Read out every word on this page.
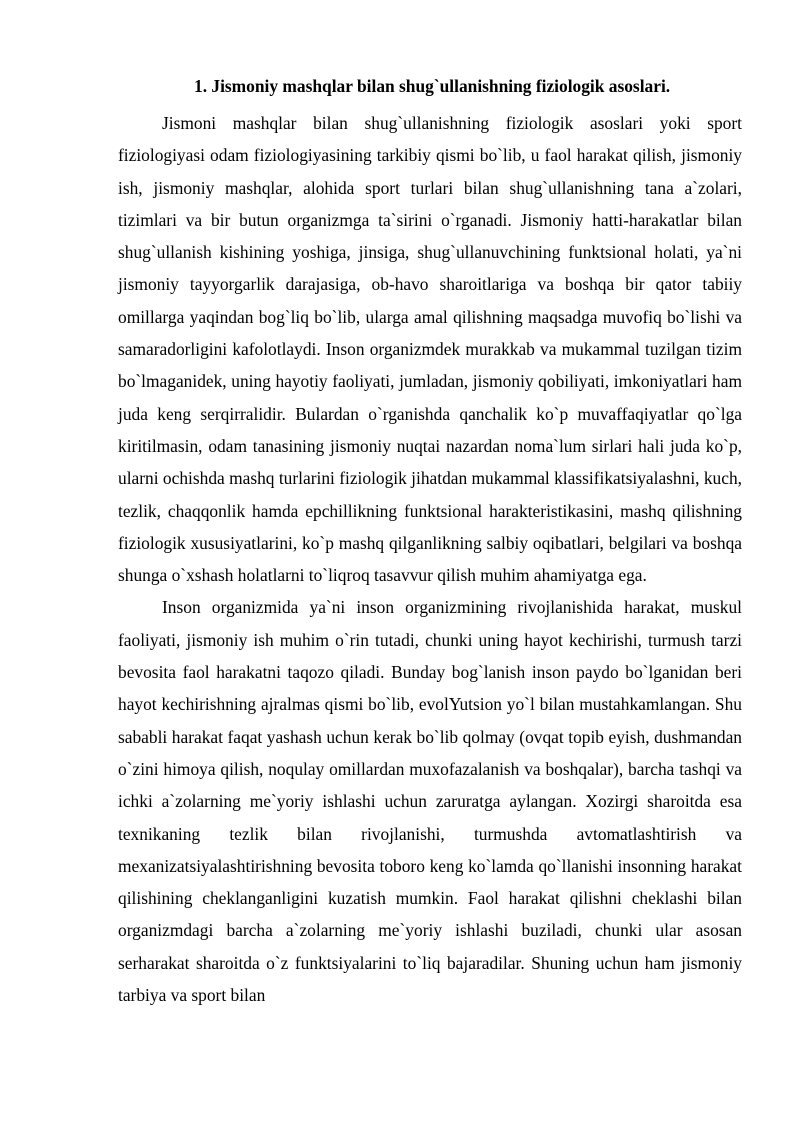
1. Jismoniy mashqlar bilan shug`ullanishning fiziologik asoslari.

Jismoni mashqlar bilan shug`ullanishning fiziologik asoslari yoki sport fiziologiyasi odam fiziologiyasining tarkibiy qismi bo`lib, u faol harakat qilish, jismoniy ish, jismoniy mashqlar, alohida sport turlari bilan shug`ullanishning tana a`zolari, tizimlari va bir butun organizmga ta`sirini o`rganadi. Jismoniy hatti-harakatlar bilan shug`ullanish kishining yoshiga, jinsiga, shug`ullanuvchining funktsional holati, ya`ni jismoniy tayyorgarlik darajasiga, ob-havo sharoitlariga va boshqa bir qator tabiiy omillarga yaqindan bog`liq bo`lib, ularga amal qilishning maqsadga muvofiq bo`lishi va samaradorligini kafolotlaydi. Inson organizmdek murakkab va mukammal tuzilgan tizim bo`lmaganidek, uning hayotiy faoliyati, jumladan, jismoniy qobiliyati, imkoniyatlari ham juda keng serqirralidir. Bulardan o`rganishda qanchalik ko`p muvaffaqiyatlar qo`lga kiritilmasin, odam tanasining jismoniy nuqtai nazardan noma`lum sirlari hali juda ko`p, ularni ochishda mashq turlarini fiziologik jihatdan mukammal klassifikatsiyalashni, kuch, tezlik, chaqqonlik hamda epchillikning funktsional harakteristikasini, mashq qilishning fiziologik xususiyatlarini, ko`p mashq qilganlikning salbiy oqibatlari, belgilari va boshqa shunga o`xshash holatlarni to`liqroq tasavvur qilish muhim ahamiyatga ega.

Inson organizmida ya`ni inson organizmining rivojlanishida harakat, muskul faoliyati, jismoniy ish muhim o`rin tutadi, chunki uning hayot kechirishi, turmush tarzi bevosita faol harakatni taqozo qiladi. Bunday bog`lanish inson paydo bo`lganidan beri hayot kechirishning ajralmas qismi bo`lib, evolYutsion yo`l bilan mustahkamlangan. Shu sababli harakat faqat yashash uchun kerak bo`lib qolmay (ovqat topib eyish, dushmandan o`zini himoya qilish, noqulay omillardan muxofazalanish va boshqalar), barcha tashqi va ichki a`zolarning me`yoriy ishlashi uchun zaruratga aylangan. Xozirgi sharoitda esa texnikaning tezlik bilan rivojlanishi, turmushda avtomatlashtirish va mexanizatsiyalashtirishning bevosita toboro keng ko`lamda qo`llanishi insonning harakat qilishining cheklanganligini kuzatish mumkin. Faol harakat qilishni cheklashi bilan organizmdagi barcha a`zolarning me`yoriy ishlashi buziladi, chunki ular asosan serharakat sharoitda o`z funktsiyalarini to`liq bajaradilar. Shuning uchun ham jismoniy tarbiya va sport bilan
